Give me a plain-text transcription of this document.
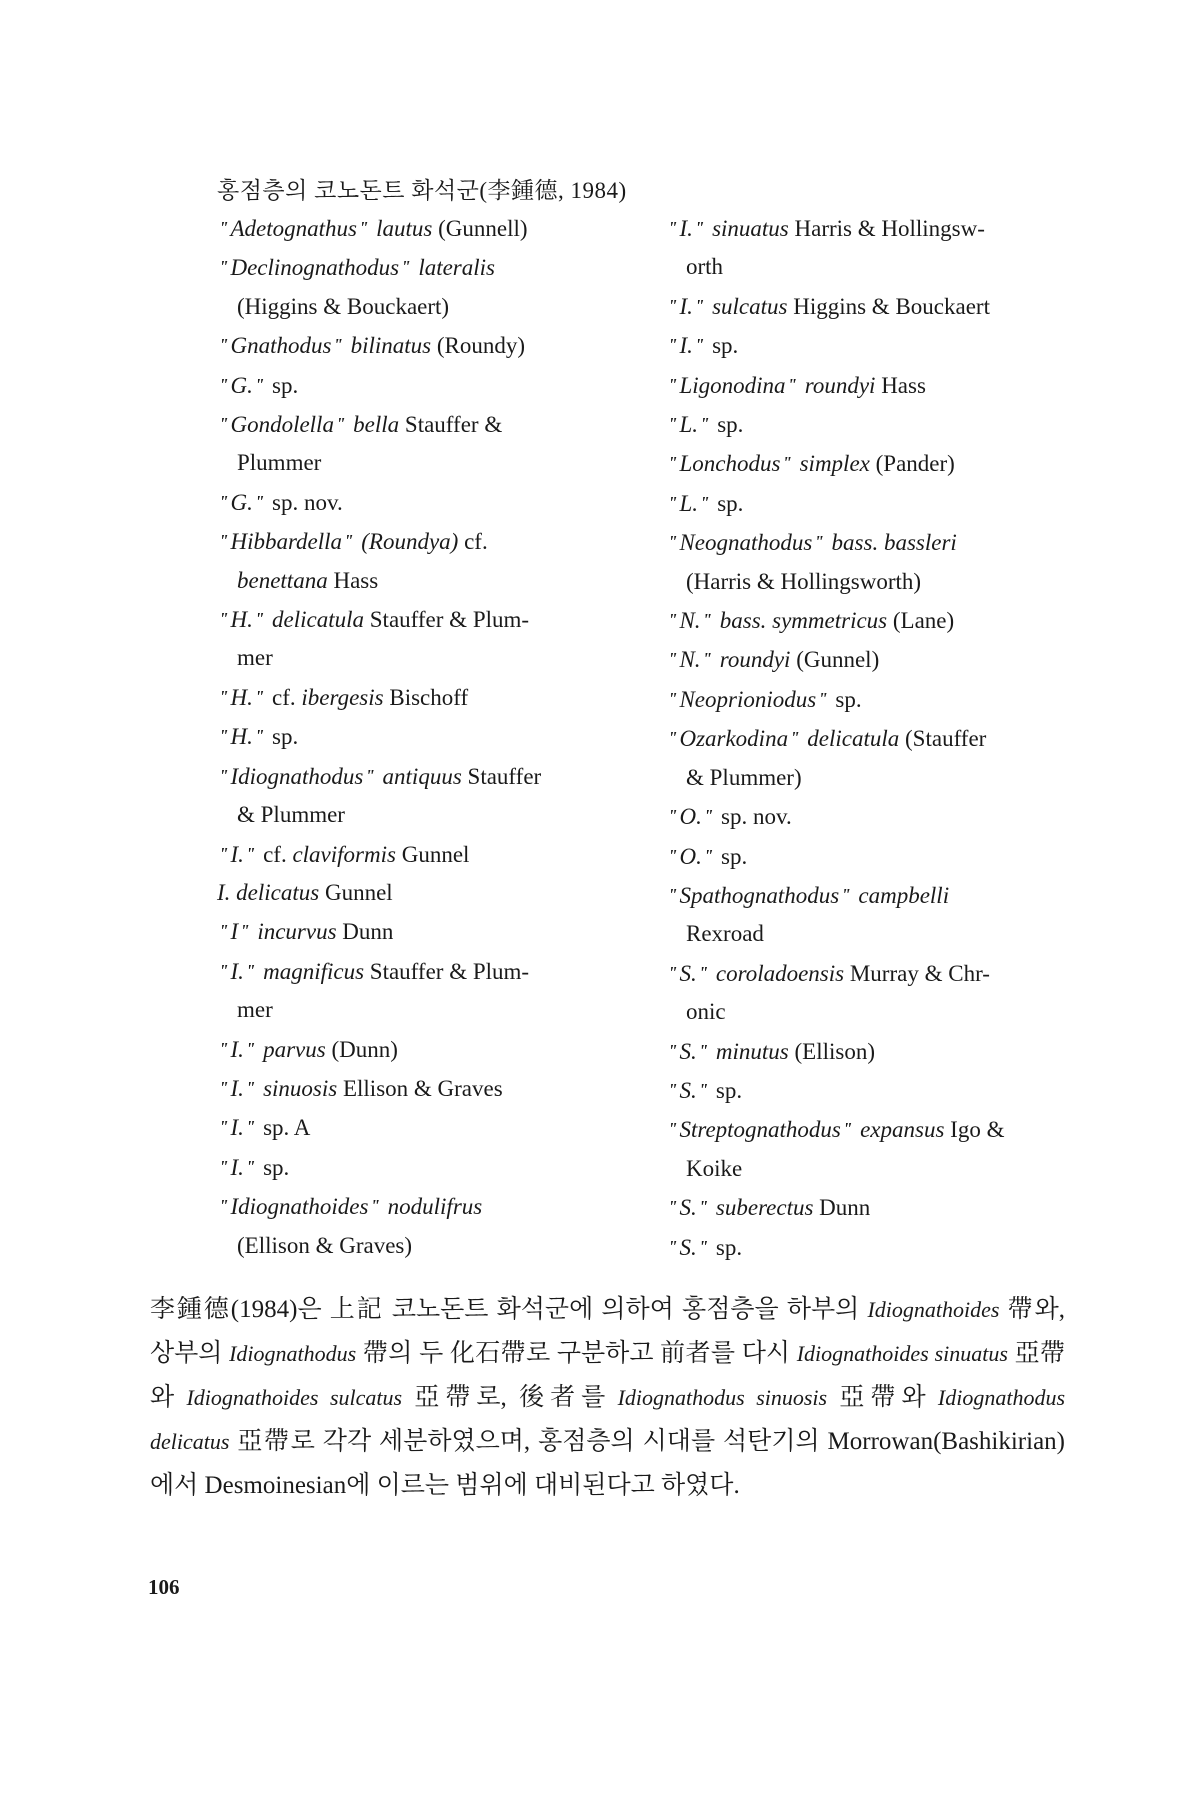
홍점층의 코노돈트 화석군(李鍾德, 1984)
"Adetognathus " lautus (Gunnell)
"Declinognathodus " lateralis
(Higgins & Bouckaert)
"Gnathodus " bilinatus (Roundy)
"G. " sp.
"Gondolella " bella Stauffer &
Plummer
"G. " sp. nov.
"Hibbardella " (Roundya) cf.
benettana Hass
"H. " delicatula Stauffer & Plum-
mer
"H. " cf. ibergesis Bischoff
"H. " sp.
"Idiognathodus " antiquus Stauffer
& Plummer
"I. " cf. claviformis Gunnel
I. delicatus Gunnel
"I " incurvus Dunn
"I. " magnificus Stauffer & Plum-
mer
"I. " parvus (Dunn)
"I. " sinuosis Ellison & Graves
"I. " sp. A
"I. " sp.
"Idiognathoides " nodulifrus
(Ellison & Graves)
"I. " sinuatus Harris & Hollingsw-
orth
"I. " sulcatus Higgins & Bouckaert
"I. " sp.
"Ligonodina " roundyi Hass
"L. " sp.
"Lonchodus " simplex (Pander)
"L. " sp.
"Neognathodus " bass. bassleri
(Harris & Hollingsworth)
"N. " bass. symmetricus (Lane)
"N. " roundyi (Gunnel)
"Neoprioniodus " sp.
"Ozarkodina " delicatula (Stauffer
& Plummer)
"O. " sp. nov.
"O. " sp.
"Spathognathodus " campbelli
Rexroad
"S. " coroladoensis Murray & Chr-
onic
"S. " minutus (Ellison)
"S. " sp.
"Streptognathodus " expansus Igo &
Koike
"S. " suberectus Dunn
"S. " sp.

李鍾德(1984)은 上記 코노돈트 화석군에 의하여 홍점층을 하부의 Idiognathoides 帶와, 상부의 Idiognathodus 帶의 두 化石帶로 구분하고 前者를 다시 Idiognathoides sinuatus 亞帶와 Idiognathoides sulcatus 亞帶로, 後者를 Idiognathodus sinuosis 亞帶와 Idiognathodus delicatus 亞帶로 각각 세분하였으며, 홍점층의 시대를 석탄기의 Morrowan(Bashikirian)에서 Desmoinesian에 이르는 범위에 대비된다고 하였다.

106
